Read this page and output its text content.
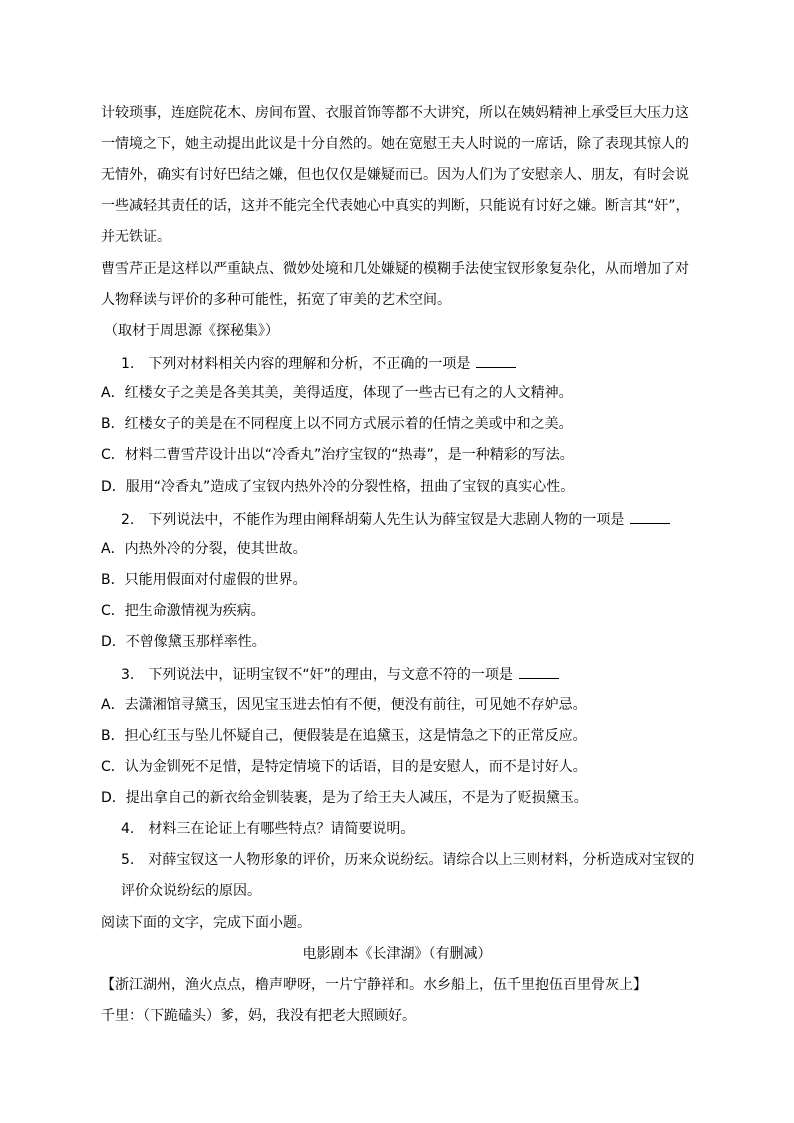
计较琐事，连庭院花木、房间布置、衣服首饰等都不大讲究，所以在姨妈精神上承受巨大压力这
一情境之下，她主动提出此议是十分自然的。她在宽慰王夫人时说的一席话，除了表现其惊人的
无情外，确实有讨好巴结之嫌，但也仅仅是嫌疑而已。因为人们为了安慰亲人、朋友，有时会说
一些减轻其责任的话，这并不能完全代表她心中真实的判断，只能说有讨好之嫌。断言其“奸”，
并无铁证。
曹雪芹正是这样以严重缺点、微妙处境和几处嫌疑的模糊手法使宝钗形象复杂化，从而增加了对
人物释读与评价的多种可能性，拓宽了审美的艺术空间。
（取材于周思源《探秘集》）
1.　下列对材料相关内容的理解和分析，不正确的一项是
A．红楼女子之美是各美其美，美得适度，体现了一些古已有之的人文精神。
B．红楼女子的美是在不同程度上以不同方式展示着的任情之美或中和之美。
C．材料二曹雪芹设计出以“冷香丸”治疗宝钗的“热毒”，是一种精彩的写法。
D．服用“冷香丸”造成了宝钗内热外冷的分裂性格，扭曲了宝钗的真实心性。
2.　下列说法中，不能作为理由阐释胡菊人先生认为薛宝钗是大悲剧人物的一项是
A．内热外冷的分裂，使其世故。
B．只能用假面对付虚假的世界。
C．把生命激情视为疾病。
D．不曾像黛玉那样率性。
3.　下列说法中，证明宝钗不“奸”的理由，与文意不符的一项是
A．去潇湘馆寻黛玉，因见宝玉进去怕有不便，便没有前往，可见她不存妒忌。
B．担心红玉与坠儿怀疑自己，便假装是在追黛玉，这是情急之下的正常反应。
C．认为金钏死不足惜，是特定情境下的话语，目的是安慰人，而不是讨好人。
D．提出拿自己的新衣给金钏装裹，是为了给王夫人减压，不是为了贬损黛玉。
4.　材料三在论证上有哪些特点？请简要说明。
5.　对薛宝钗这一人物形象的评价，历来众说纷纭。请综合以上三则材料，分析造成对宝钗的
评价众说纷纭的原因。
阅读下面的文字，完成下面小题。
电影剧本《长津湖》（有删减）
【浙江湖州，渔火点点，橹声咿呀，一片宁静祥和。水乡船上，伍千里抱伍百里骨灰上】
千里：（下跪磕头）爹，妈，我没有把老大照顾好。
